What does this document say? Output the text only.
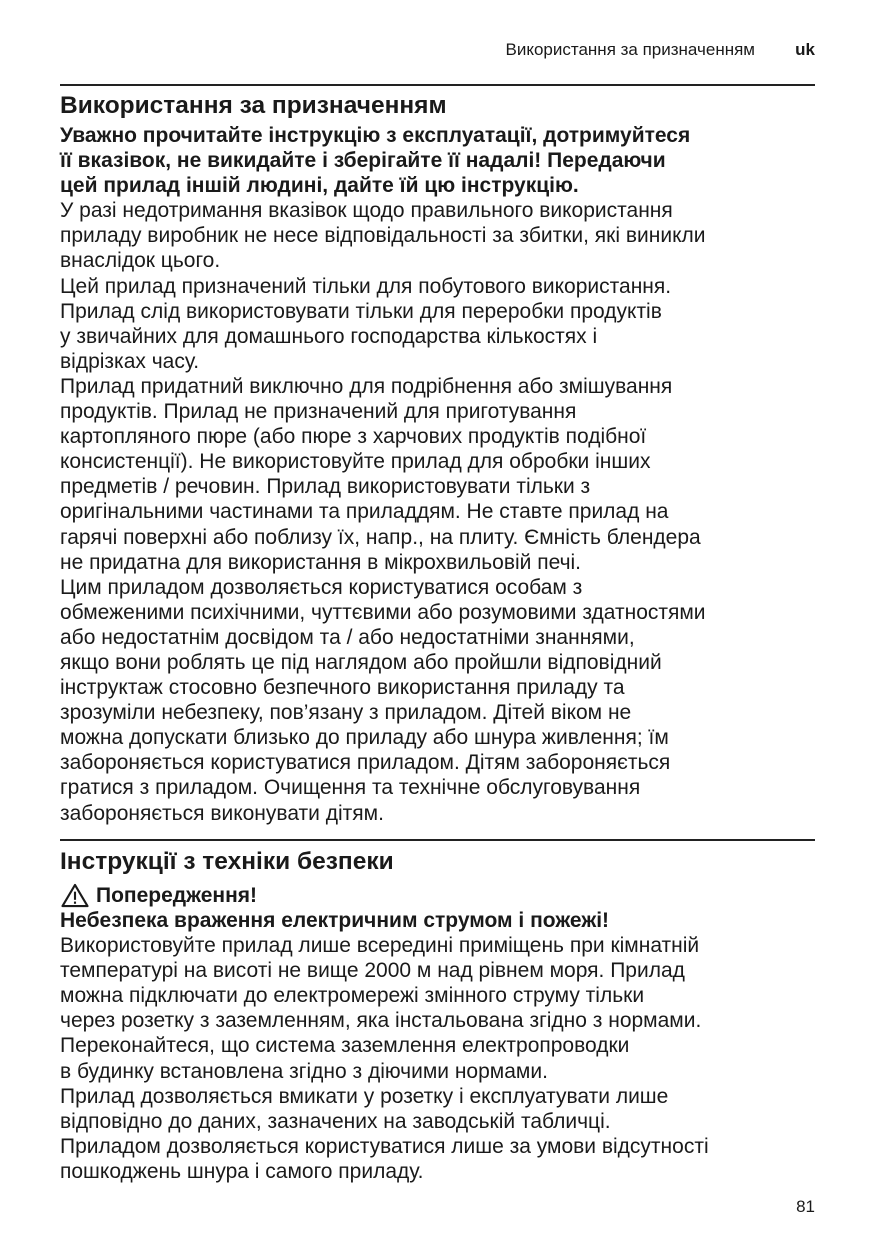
Використання за призначенням uk
Використання за призначенням
Уважно прочитайте інструкцію з експлуатації, дотримуйтеся
її вказівок, не викидайте і зберігайте її надалі! Передаючи
цей прилад іншій людині, дайте їй цю інструкцію.
У разі недотримання вказівок щодо правильного використання
приладу виробник не несе відповідальності за збитки, які виникли
внаслідок цього.
Цей прилад призначений тільки для побутового використання.
Прилад слід використовувати тільки для переробки продуктів
у звичайних для домашнього господарства кількостях і
відрізках часу.
Прилад придатний виключно для подрібнення або змішування
продуктів. Прилад не призначений для приготування
картопляного пюре (або пюре з харчових продуктів подібної
консистенції). Не використовуйте прилад для обробки інших
предметів / речовин. Прилад використовувати тільки з
оригінальними частинами та приладдям. Не ставте прилад на
гарячі поверхні або поблизу їх, напр., на плиту. Ємність блендера
не придатна для використання в мікрохвильовій печі.
Цим приладом дозволяється користуватися особам з
обмеженими психічними, чуттєвими або розумовими здатностями
або недостатнім досвідом та / або недостатніми знаннями,
якщо вони роблять це під наглядом або пройшли відповідний
інструктаж стосовно безпечного використання приладу та
зрозуміли небезпеку, пов’язану з приладом. Дітей віком не
можна допускати близько до приладу або шнура живлення; їм
забороняється користуватися приладом. Дітям забороняється
гратися з приладом. Очищення та технічне обслуговування
забороняється виконувати дітям.
Інструкції з техніки безпеки
Попередження!
Небезпека враження електричним струмом і пожежі!
Використовуйте прилад лише всередині приміщень при кімнатній
температурі на висоті не вище 2000 м над рівнем моря. Прилад
можна підключати до електромережі змінного струму тільки
через розетку з заземленням, яка інстальована згідно з нормами.
Переконайтеся, що система заземлення електропроводки
в будинку встановлена згідно з діючими нормами.
Прилад дозволяється вмикати у розетку і експлуатувати лише
відповідно до даних, зазначених на заводській табличці.
Приладом дозволяється користуватися лише за умови відсутності
пошкоджень шнура і самого приладу.
81
